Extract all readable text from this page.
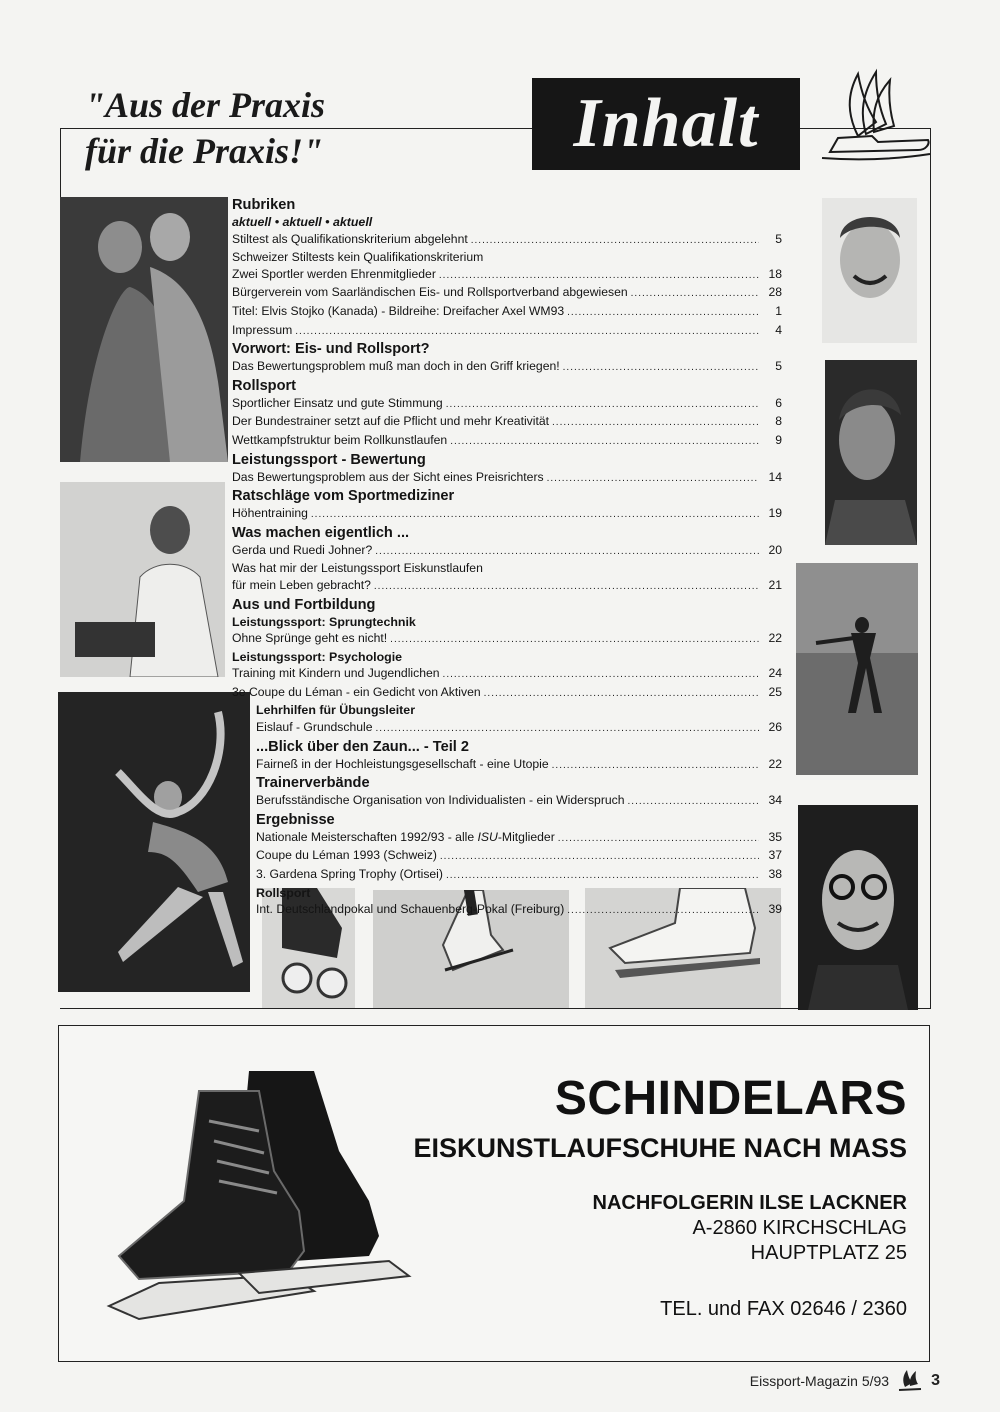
"Aus der Praxis
für die Praxis!"	Inhalt
Rubriken
aktuell • aktuell • aktuell
Stiltest als Qualifikationskriterium abgelehnt .....	5
Schweizer Stiltests kein Qualifikationskriterium
Zwei Sportler werden Ehrenmitglieder .....	18
Bürgerverein vom Saarländischen Eis- und Rollsportverband abgewiesen .....	28
Titel: Elvis Stojko (Kanada) - Bildreihe: Dreifacher Axel WM93 .....	1
Impressum .....	4
Vorwort: Eis- und Rollsport?
Das Bewertungsproblem muß man doch in den Griff kriegen! .....	5
Rollsport
Sportlicher Einsatz und gute Stimmung .....	6
Der Bundestrainer setzt auf die Pflicht und mehr Kreativität .....	8
Wettkampfstruktur beim Rollkunstlaufen .....	9
Leistungssport - Bewertung
Das Bewertungsproblem aus der Sicht eines Preisrichters .....	14
Ratschläge vom Sportmediziner
Höhentraining .....	19
Was machen eigentlich ...
Gerda und Ruedi Johner? .....	20
Was hat mir der Leistungssport Eiskunstlaufen
für mein Leben gebracht? .....	21
Aus und Fortbildung
Leistungssport: Sprungtechnik
Ohne Sprünge geht es nicht! .....	22
Leistungssport: Psychologie
Training mit Kindern und Jugendlichen .....	24
3e Coupe du Léman - ein Gedicht von Aktiven .....	25
Lehrhilfen für Übungsleiter
Eislauf - Grundschule .....	26
...Blick über den Zaun... - Teil 2
Fairneß in der Hochleistungsgesellschaft - eine Utopie .....	22
Trainerverbände
Berufsständische Organisation von Individualisten - ein Widerspruch .....	34
Ergebnisse
Nationale Meisterschaften 1992/93 - alle ISU-Mitglieder .....	35
Coupe du Léman 1993 (Schweiz) .....	37
3. Gardena Spring Trophy (Ortisei) .....	38
Rollsport
Int. Deutschlandpokal und Schauenberg-Pokal (Freiburg) .....	39
SCHINDELARS
EISKUNSTLAUFSCHUHE NACH MASS
NACHFOLGERIN ILSE LACKNER
A-2860 KIRCHSCHLAG
HAUPTPLATZ 25
TEL. und FAX 02646 / 2360
Eissport-Magazin 5/93	3
